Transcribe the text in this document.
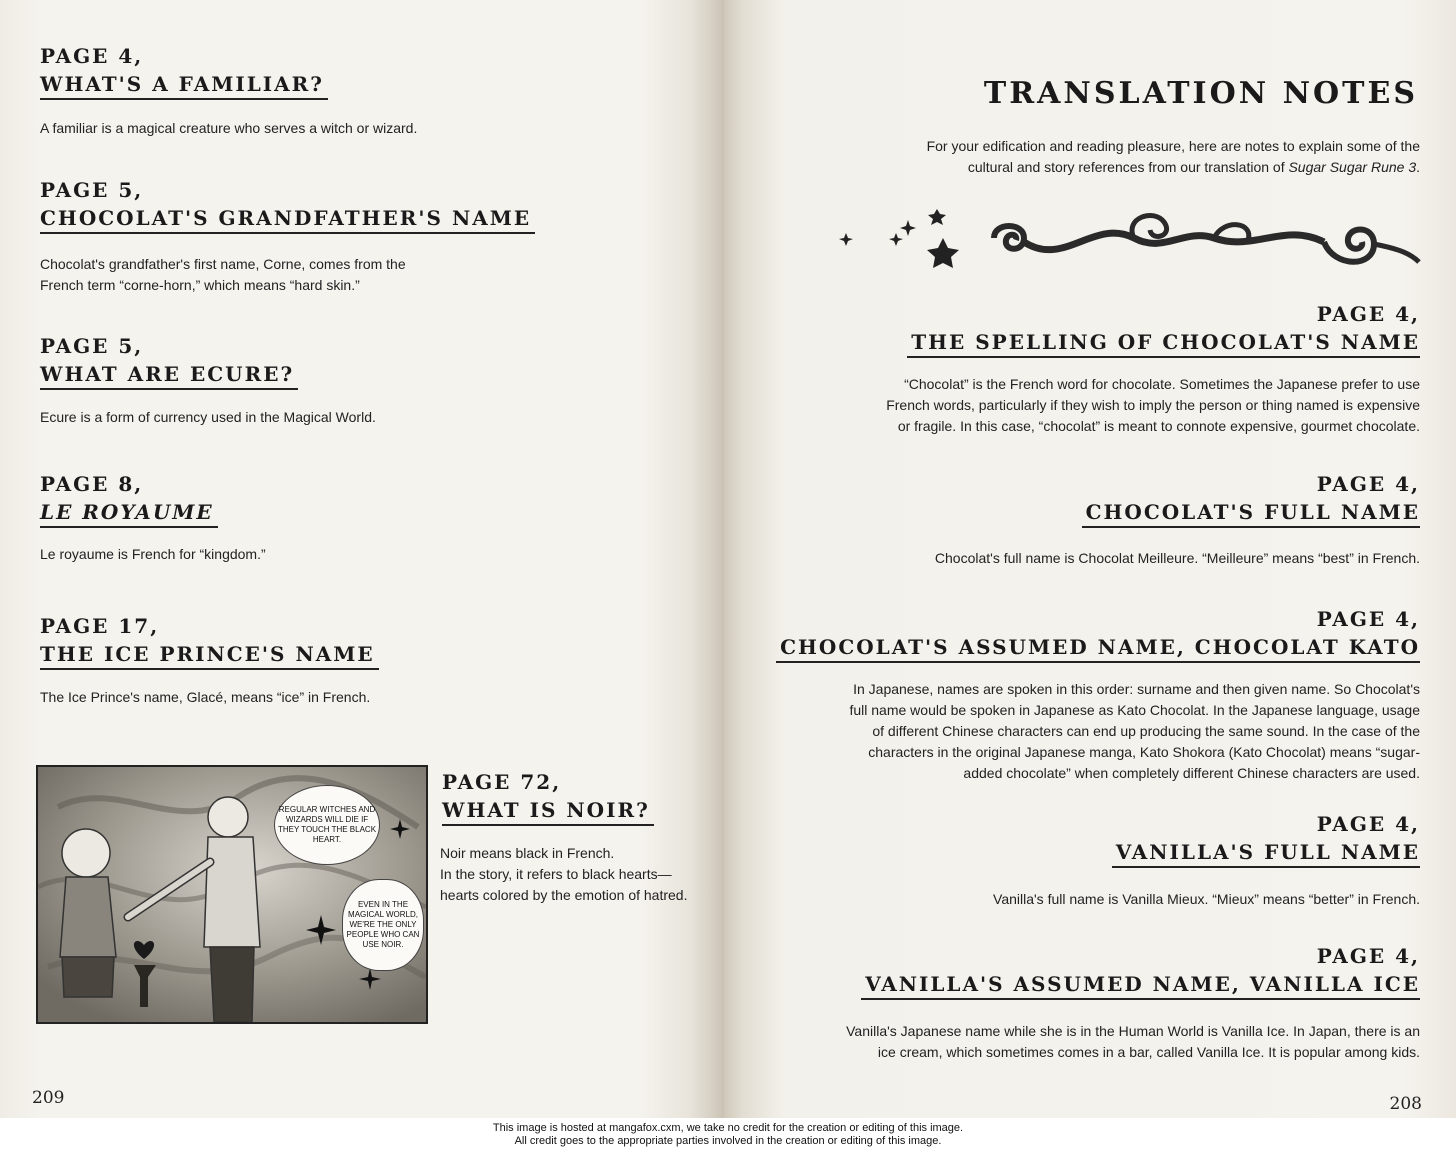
PAGE 4,
WHAT'S A FAMILIAR?

A familiar is a magical creature who serves a witch or wizard.

PAGE 5,
CHOCOLAT'S GRANDFATHER'S NAME

Chocolat's grandfather's first name, Corne, comes from the French term “corne-horn,” which means “hard skin.”

PAGE 5,
WHAT ARE ECURE?

Ecure is a form of currency used in the Magical World.

PAGE 8,
LE ROYAUME

Le royaume is French for “kingdom.”

PAGE 17,
THE ICE PRINCE'S NAME

The Ice Prince's name, Glacé, means “ice” in French.

REGULAR WITCHES AND WIZARDS WILL DIE IF THEY TOUCH THE BLACK HEART.
EVEN IN THE MAGICAL WORLD, WE'RE THE ONLY PEOPLE WHO CAN USE NOIR.
PAGE 72,
WHAT IS NOIR?
Noir means black in French.
In the story, it refers to black hearts—
hearts colored by the emotion of hatred.
209
TRANSLATION NOTES
For your edification and reading pleasure, here are notes to explain some of the
cultural and story references from our translation of Sugar Sugar Rune 3.
PAGE 4,
THE SPELLING OF CHOCOLAT'S NAME
“Chocolat” is the French word for chocolate. Sometimes the Japanese prefer to use
French words, particularly if they wish to imply the person or thing named is expensive
or fragile. In this case, “chocolat” is meant to connote expensive, gourmet chocolate.
PAGE 4,
CHOCOLAT'S FULL NAME
Chocolat's full name is Chocolat Meilleure. “Meilleure” means “best” in French.
PAGE 4,
CHOCOLAT'S ASSUMED NAME, CHOCOLAT KATO
In Japanese, names are spoken in this order: surname and then given name. So Chocolat's
full name would be spoken in Japanese as Kato Chocolat. In the Japanese language, usage
of different Chinese characters can end up producing the same sound. In the case of the
characters in the original Japanese manga, Kato Shokora (Kato Chocolat) means “sugar-
added chocolate” when completely different Chinese characters are used.
PAGE 4,
VANILLA'S FULL NAME
Vanilla's full name is Vanilla Mieux. “Mieux” means “better” in French.
PAGE 4,
VANILLA'S ASSUMED NAME, VANILLA ICE
Vanilla's Japanese name while she is in the Human World is Vanilla Ice. In Japan, there is an
ice cream, which sometimes comes in a bar, called Vanilla Ice. It is popular among kids.
208
This image is hosted at mangafox.cxm, we take no credit for the creation or editing of this image.
All credit goes to the appropriate parties involved in the creation or editing of this image.
